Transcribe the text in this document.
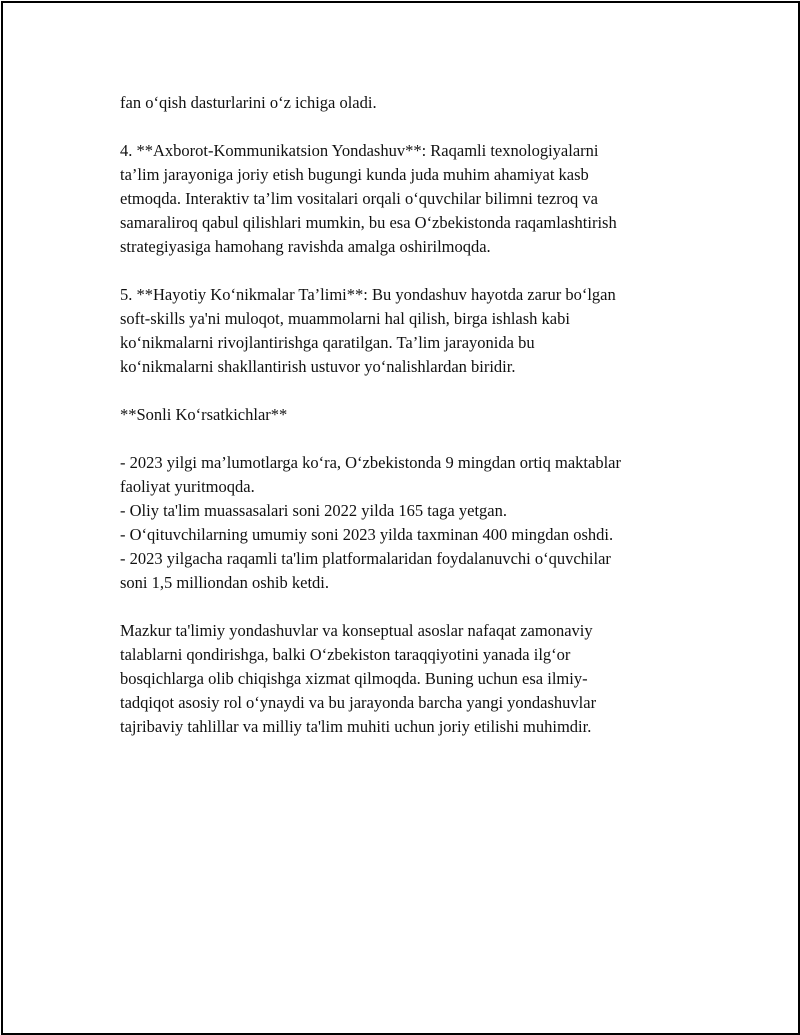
fan o‘qish dasturlarini o‘z ichiga oladi.

4. **Axborot-Kommunikatsion Yondashuv**: Raqamli texnologiyalarni
ta’lim jarayoniga joriy etish bugungi kunda juda muhim ahamiyat kasb
etmoqda. Interaktiv ta’lim vositalari orqali o‘quvchilar bilimni tezroq va
samaraliroq qabul qilishlari mumkin, bu esa O‘zbekistonda raqamlashtirish
strategiyasiga hamohang ravishda amalga oshirilmoqda.

5. **Hayotiy Ko‘nikmalar Ta’limi**: Bu yondashuv hayotda zarur bo‘lgan
soft-skills ya'ni muloqot, muammolarni hal qilish, birga ishlash kabi
ko‘nikmalarni rivojlantirishga qaratilgan. Ta’lim jarayonida bu
ko‘nikmalarni shakllantirish ustuvor yo‘nalishlardan biridir.

**Sonli Ko‘rsatkichlar**

- 2023 yilgi ma’lumotlarga ko‘ra, O‘zbekistonda 9 mingdan ortiq maktablar
faoliyat yuritmoqda.
- Oliy ta'lim muassasalari soni 2022 yilda 165 taga yetgan.
- O‘qituvchilarning umumiy soni 2023 yilda taxminan 400 mingdan oshdi.
- 2023 yilgacha raqamli ta'lim platformalaridan foydalanuvchi o‘quvchilar
soni 1,5 milliondan oshib ketdi.

Mazkur ta'limiy yondashuvlar va konseptual asoslar nafaqat zamonaviy
talablarni qondirishga, balki O‘zbekiston taraqqiyotini yanada ilg‘or
bosqichlarga olib chiqishga xizmat qilmoqda. Buning uchun esa ilmiy-
tadqiqot asosiy rol o‘ynaydi va bu jarayonda barcha yangi yondashuvlar
tajribaviy tahlillar va milliy ta'lim muhiti uchun joriy etilishi muhimdir.
